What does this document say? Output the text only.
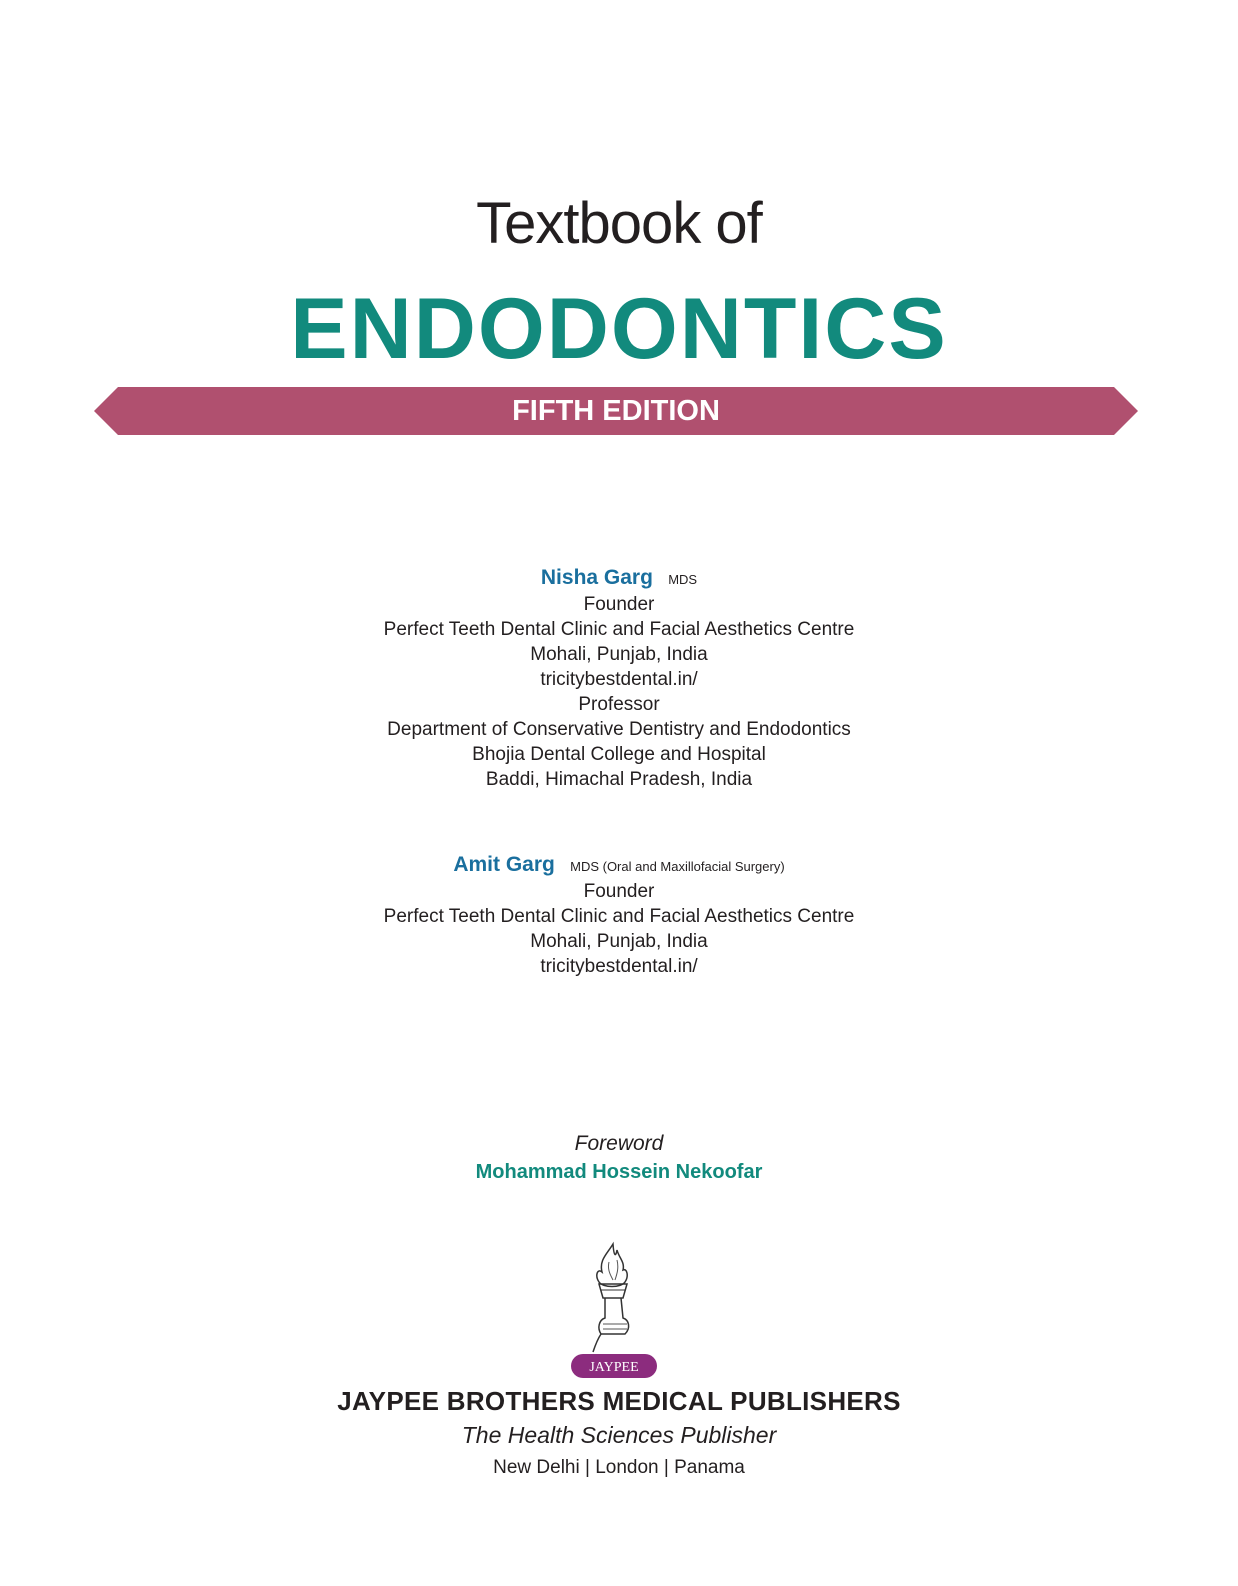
Textbook of
ENDODONTICS
FIFTH EDITION
Nisha Garg MDS
Founder
Perfect Teeth Dental Clinic and Facial Aesthetics Centre
Mohali, Punjab, India
tricitybestdental.in/
Professor
Department of Conservative Dentistry and Endodontics
Bhojia Dental College and Hospital
Baddi, Himachal Pradesh, India
Amit Garg MDS (Oral and Maxillofacial Surgery)
Founder
Perfect Teeth Dental Clinic and Facial Aesthetics Centre
Mohali, Punjab, India
tricitybestdental.in/
Foreword
Mohammad Hossein Nekoofar
JAYPEE
JAYPEE BROTHERS MEDICAL PUBLISHERS
The Health Sciences Publisher
New Delhi | London | Panama
